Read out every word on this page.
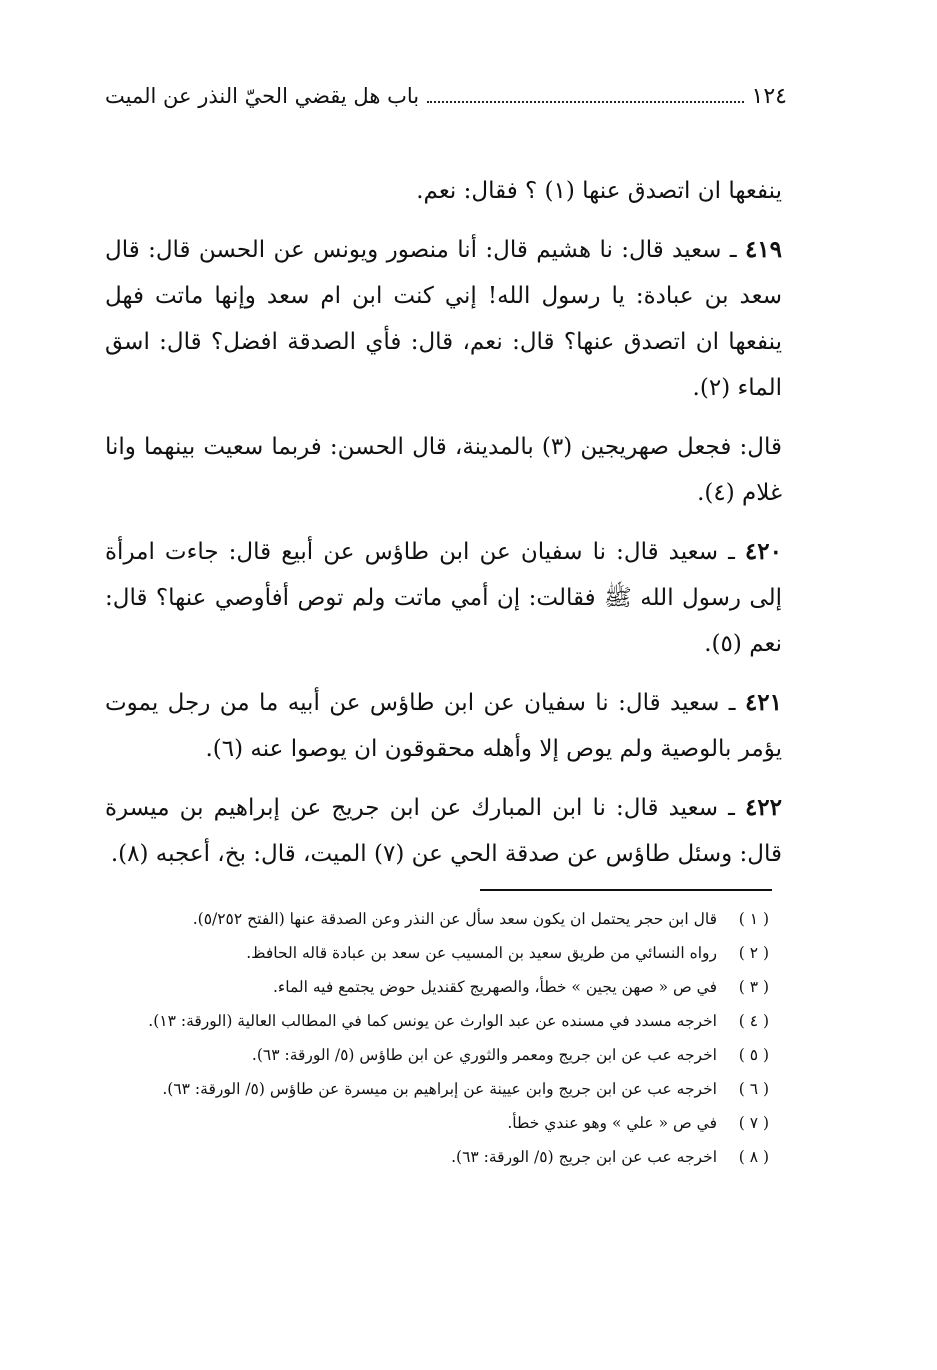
١٢٤
باب هل يقضي الحيّ النذر عن الميت

ينفعها ان اتصدق عنها (١) ؟ فقال: نعم.

٤١٩ ـ سعيد قال: نا هشيم قال: أنا منصور ويونس عن الحسن قال: قال سعد بن عبادة: يا رسول الله! إني كنت ابن ام سعد وإنها ماتت فهل ينفعها ان اتصدق عنها؟ قال: نعم، قال: فأي الصدقة افضل؟ قال: اسق الماء (٢).

قال: فجعل صهريجين (٣) بالمدينة، قال الحسن: فربما سعيت بينهما وانا غلام (٤).

٤٢٠ ـ سعيد قال: نا سفيان عن ابن طاؤس عن أبيع قال: جاءت امرأة إلى رسول الله ﷺ فقالت: إن أمي ماتت ولم توص أفأوصي عنها؟ قال: نعم (٥).

٤٢١ ـ سعيد قال: نا سفيان عن ابن طاؤس عن أبيه ما من رجل يموت يؤمر بالوصية ولم يوص إلا وأهله محقوقون ان يوصوا عنه (٦).

٤٢٢ ـ سعيد قال: نا ابن المبارك عن ابن جريج عن إبراهيم بن ميسرة قال: وسئل طاؤس عن صدقة الحي عن (٧) الميت، قال: بخ، أعجبه (٨).

( ١ )
قال ابن حجر يحتمل ان يكون سعد سأل عن النذر وعن الصدقة عنها (الفتح ٥/٢٥٢).
( ٢ )
رواه النسائي من طريق سعيد بن المسيب عن سعد بن عبادة قاله الحافظ.
( ٣ )
في ص « صهن يجين » خطأ، والصهريج كقنديل حوض يجتمع فيه الماء.
( ٤ )
اخرجه مسدد في مسنده عن عبد الوارث عن يونس كما في المطالب العالية (الورقة: ١٣).
( ٥ )
اخرجه عب عن ابن جريج ومعمر والثوري عن ابن طاؤس (٥/ الورقة: ٦٣).
( ٦ )
اخرجه عب عن ابن جريج وابن عيينة عن إبراهيم بن ميسرة عن طاؤس (٥/ الورقة: ٦٣).
( ٧ )
في ص « علي » وهو عندي خطأ.
( ٨ )
اخرجه عب عن ابن جريج (٥/ الورقة: ٦٣).
